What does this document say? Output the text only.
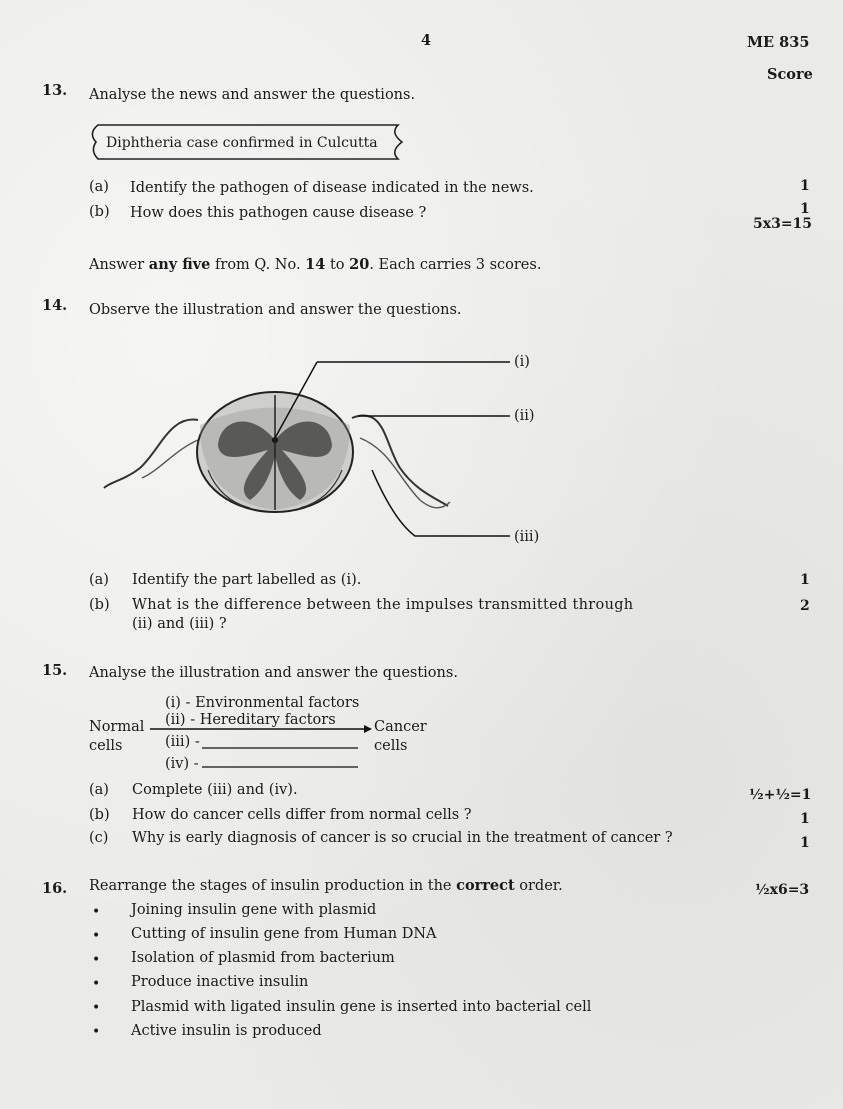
4	ME 835
Score
13. Analyse the news and answer the questions.
Diphtheria case confirmed in Culcutta
(a) Identify the pathogen of disease indicated in the news.	1
(b) How does this pathogen cause disease ?	1
5x3=15
Answer any five from Q. No. 14 to 20. Each carries 3 scores.
14. Observe the illustration and answer the questions.
(i)
(ii)
(iii)
(a) Identify the part labelled as (i).	1
(b) What is the difference between the impulses transmitted through
(ii) and (iii) ?
2
15. Analyse the illustration and answer the questions.
Normal
cells
(i) - Environmental factors
(ii) - Hereditary factors
(iii) -
(iv) -
Cancer
cells
(a) Complete (iii) and (iv).	½+½=1
(b) How do cancer cells differ from normal cells ?	1
(c) Why is early diagnosis of cancer is so crucial in the treatment of cancer ?	1
16. Rearrange the stages of insulin production in the correct order.	½x6=3
• Joining insulin gene with plasmid
• Cutting of insulin gene from Human DNA
• Isolation of plasmid from bacterium
• Produce inactive insulin
• Plasmid with ligated insulin gene is inserted into bacterial cell
• Active insulin is produced
